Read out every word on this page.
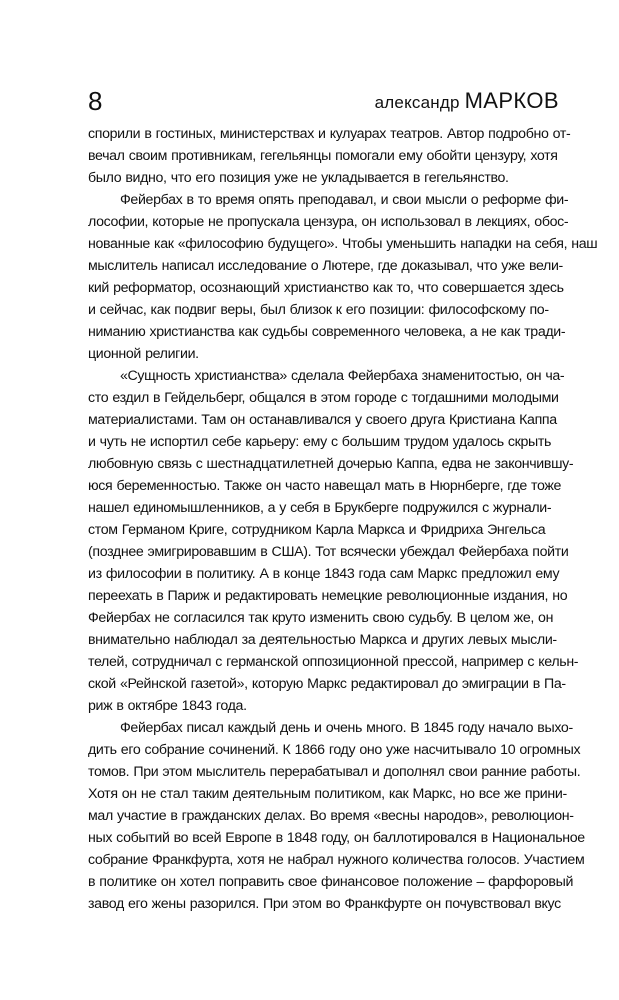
8	александр МАРКОВ
спорили в гостиных, министерствах и кулуарах театров. Автор подробно от-
вечал своим противникам, гегельянцы помогали ему обойти цензуру, хотя
было видно, что его позиция уже не укладывается в гегельянство.
Фейербах в то время опять преподавал, и свои мысли о реформе фи-
лософии, которые не пропускала цензура, он использовал в лекциях, обос-
нованные как «философию будущего». Чтобы уменьшить нападки на себя, наш
мыслитель написал исследование о Лютере, где доказывал, что уже вели-
кий реформатор, осознающий христианство как то, что совершается здесь
и сейчас, как подвиг веры, был близок к его позиции: философскому по-
ниманию христианства как судьбы современного человека, а не как тради-
ционной религии.
«Сущность христианства» сделала Фейербаха знаменитостью, он ча-
сто ездил в Гейдельберг, общался в этом городе с тогдашними молодыми
материалистами. Там он останавливался у своего друга Кристиана Каппа
и чуть не испортил себе карьеру: ему с большим трудом удалось скрыть
любовную связь с шестнадцатилетней дочерью Каппа, едва не закончившу-
юся беременностью. Также он часто навещал мать в Нюрнберге, где тоже
нашел единомышленников, а у себя в Брукберге подружился с журнали-
стом Германом Криге, сотрудником Карла Маркса и Фридриха Энгельса
(позднее эмигрировавшим в США). Тот всячески убеждал Фейербаха пойти
из философии в политику. А в конце 1843 года сам Маркс предложил ему
переехать в Париж и редактировать немецкие революционные издания, но
Фейербах не согласился так круто изменить свою судьбу. В целом же, он
внимательно наблюдал за деятельностью Маркса и других левых мысли-
телей, сотрудничал с германской оппозиционной прессой, например с кельн-
ской «Рейнской газетой», которую Маркс редактировал до эмиграции в Па-
риж в октябре 1843 года.
Фейербах писал каждый день и очень много. В 1845 году начало выхо-
дить его собрание сочинений. К 1866 году оно уже насчитывало 10 огромных
томов. При этом мыслитель перерабатывал и дополнял свои ранние работы.
Хотя он не стал таким деятельным политиком, как Маркс, но все же прини-
мал участие в гражданских делах. Во время «весны народов», революцион-
ных событий во всей Европе в 1848 году, он баллотировался в Национальное
собрание Франкфурта, хотя не набрал нужного количества голосов. Участием
в политике он хотел поправить свое финансовое положение – фарфоровый
завод его жены разорился. При этом во Франкфурте он почувствовал вкус
